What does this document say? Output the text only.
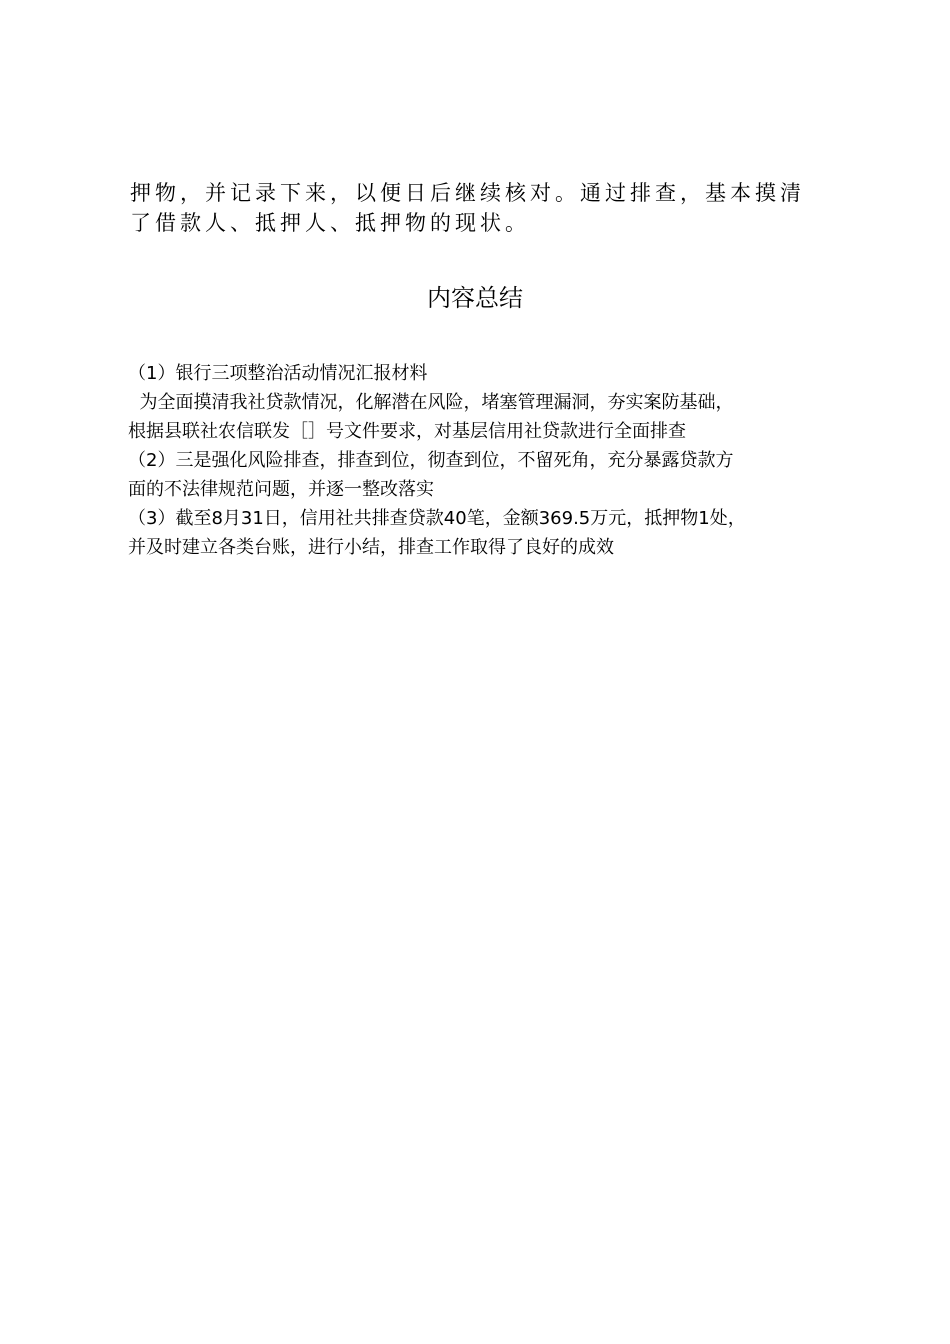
押物，并记录下来，以便日后继续核对。通过排查，基本摸清

了借款人、抵押人、抵押物的现状。

内容总结

（1）银行三项整治活动情况汇报材料

为全面摸清我社贷款情况，化解潜在风险，堵塞管理漏洞，夯实案防基础，

根据县联社农信联发［］号文件要求，对基层信用社贷款进行全面排查

（2）三是强化风险排查，排查到位，彻查到位，不留死角，充分暴露贷款方

面的不法律规范问题，并逐一整改落实

（3）截至8月31日，信用社共排查贷款40笔，金额369.5万元，抵押物1处，

并及时建立各类台账，进行小结，排查工作取得了良好的成效
